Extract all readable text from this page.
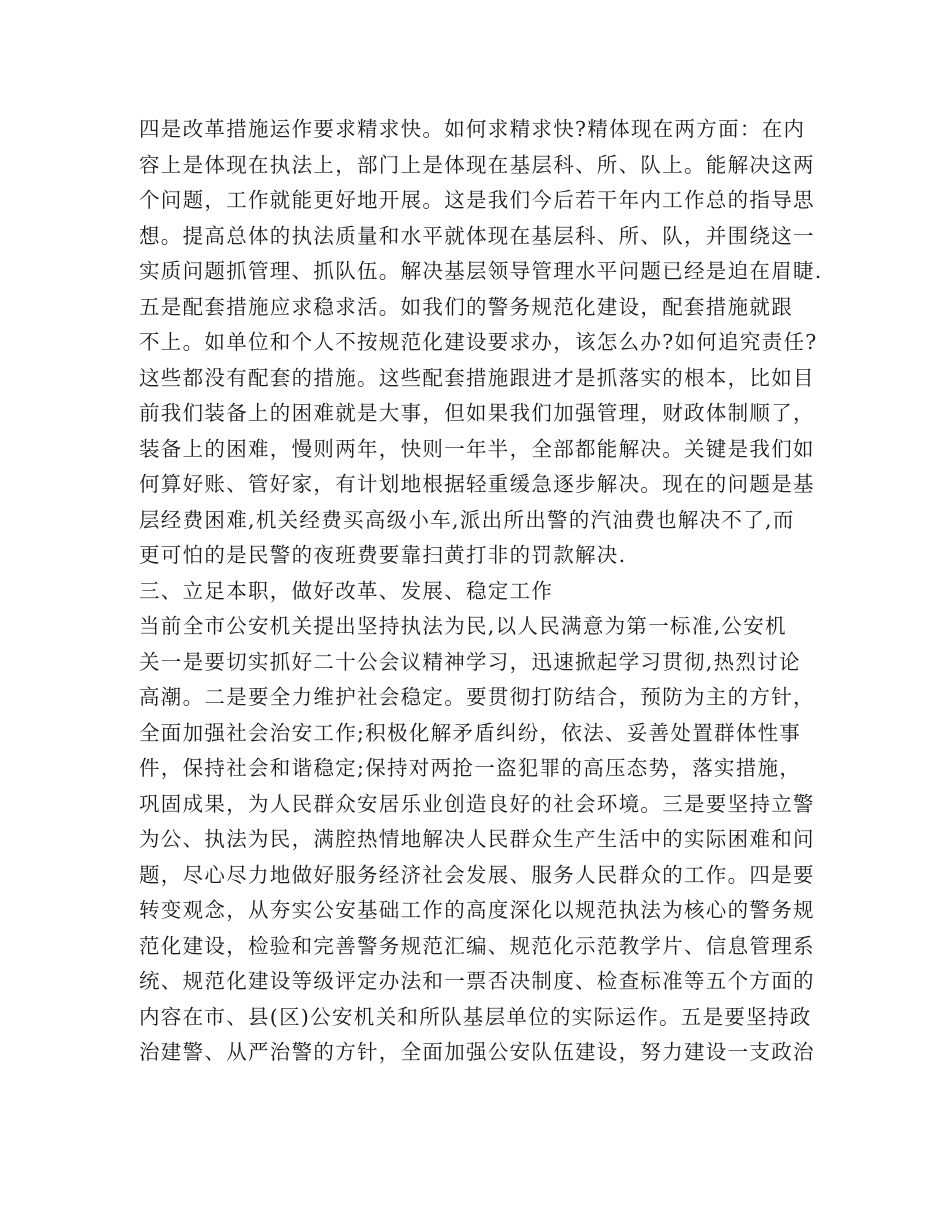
四是改革措施运作要求精求快。如何求精求快?精体现在两方面：在内
容上是体现在执法上，部门上是体现在基层科、所、队上。能解决这两
个问题，工作就能更好地开展。这是我们今后若干年内工作总的指导思
想。提高总体的执法质量和水平就体现在基层科、所、队，并围绕这一
实质问题抓管理、抓队伍。解决基层领导管理水平问题已经是迫在眉睫.
五是配套措施应求稳求活。如我们的警务规范化建设，配套措施就跟
不上。如单位和个人不按规范化建设要求办，该怎么办?如何追究责任?
这些都没有配套的措施。这些配套措施跟进才是抓落实的根本，比如目
前我们装备上的困难就是大事，但如果我们加强管理，财政体制顺了，
装备上的困难，慢则两年，快则一年半，全部都能解决。关键是我们如
何算好账、管好家，有计划地根据轻重缓急逐步解决。现在的问题是基
层经费困难,机关经费买高级小车,派出所出警的汽油费也解决不了,而
更可怕的是民警的夜班费要靠扫黄打非的罚款解决.
三、立足本职，做好改革、发展、稳定工作
当前全市公安机关提出坚持执法为民,以人民满意为第一标准,公安机
关一是要切实抓好二十公会议精神学习，迅速掀起学习贯彻,热烈讨论
高潮。二是要全力维护社会稳定。要贯彻打防结合，预防为主的方针，
全面加强社会治安工作;积极化解矛盾纠纷，依法、妥善处置群体性事
件，保持社会和谐稳定;保持对两抢一盗犯罪的高压态势，落实措施，
巩固成果，为人民群众安居乐业创造良好的社会环境。三是要坚持立警
为公、执法为民，满腔热情地解决人民群众生产生活中的实际困难和问
题，尽心尽力地做好服务经济社会发展、服务人民群众的工作。四是要
转变观念，从夯实公安基础工作的高度深化以规范执法为核心的警务规
范化建设，检验和完善警务规范汇编、规范化示范教学片、信息管理系
统、规范化建设等级评定办法和一票否决制度、检查标准等五个方面的
内容在市、县(区)公安机关和所队基层单位的实际运作。五是要坚持政
治建警、从严治警的方针，全面加强公安队伍建设，努力建设一支政治
